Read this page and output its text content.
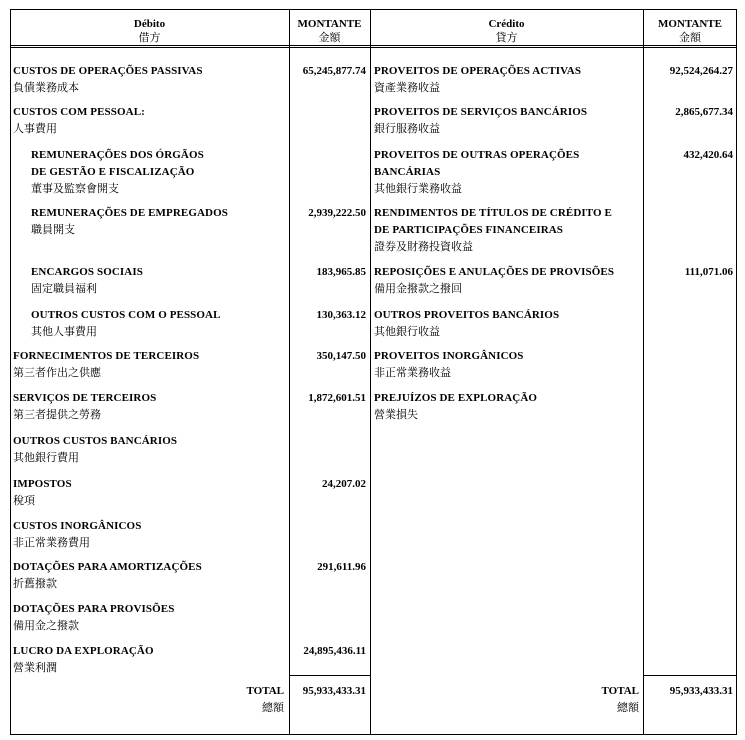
Débito
借方
MONTANTE
金額
Crédito
貸方
MONTANTE
金額
CUSTOS DE OPERAÇÕES PASSIVAS
負債業務成本
65,245,877.74
CUSTOS COM PESSOAL:
人事費用
REMUNERAÇÕES DOS ÓRGÃOS
DE GESTÃO E FISCALIZAÇÃO
董事及監察會開支
REMUNERAÇÕES DE EMPREGADOS
職員開支
2,939,222.50
ENCARGOS SOCIAIS
固定職員福利
183,965.85
OUTROS CUSTOS COM O PESSOAL
其他人事費用
130,363.12
FORNECIMENTOS DE TERCEIROS
第三者作出之供應
350,147.50
SERVIÇOS DE TERCEIROS
第三者提供之勞務
1,872,601.51
OUTROS CUSTOS BANCÁRIOS
其他銀行費用
IMPOSTOS
稅項
24,207.02
CUSTOS INORGÂNICOS
非正常業務費用
DOTAÇÕES PARA AMORTIZAÇÕES
折舊撥款
291,611.96
DOTAÇÕES PARA PROVISÕES
備用金之撥款
LUCRO DA EXPLORAÇÃO
營業利潤
24,895,436.11
PROVEITOS DE OPERAÇÕES ACTIVAS
資產業務收益
92,524,264.27
PROVEITOS DE SERVIÇOS BANCÁRIOS
銀行服務收益
2,865,677.34
PROVEITOS DE OUTRAS OPERAÇÕES
BANCÁRIAS
其他銀行業務收益
432,420.64
RENDIMENTOS DE TÍTULOS DE CRÉDITO E
DE PARTICIPAÇÕES FINANCEIRAS
證券及財務投資收益
REPOSIÇÕES E ANULAÇÕES DE PROVISÕES
備用金撥款之撥回
111,071.06
OUTROS PROVEITOS BANCÁRIOS
其他銀行收益
PROVEITOS INORGÂNICOS
非正常業務收益
PREJUÍZOS DE EXPLORAÇÃO
營業損失
TOTAL
總額
95,933,433.31	TOTAL
總額
95,933,433.31
